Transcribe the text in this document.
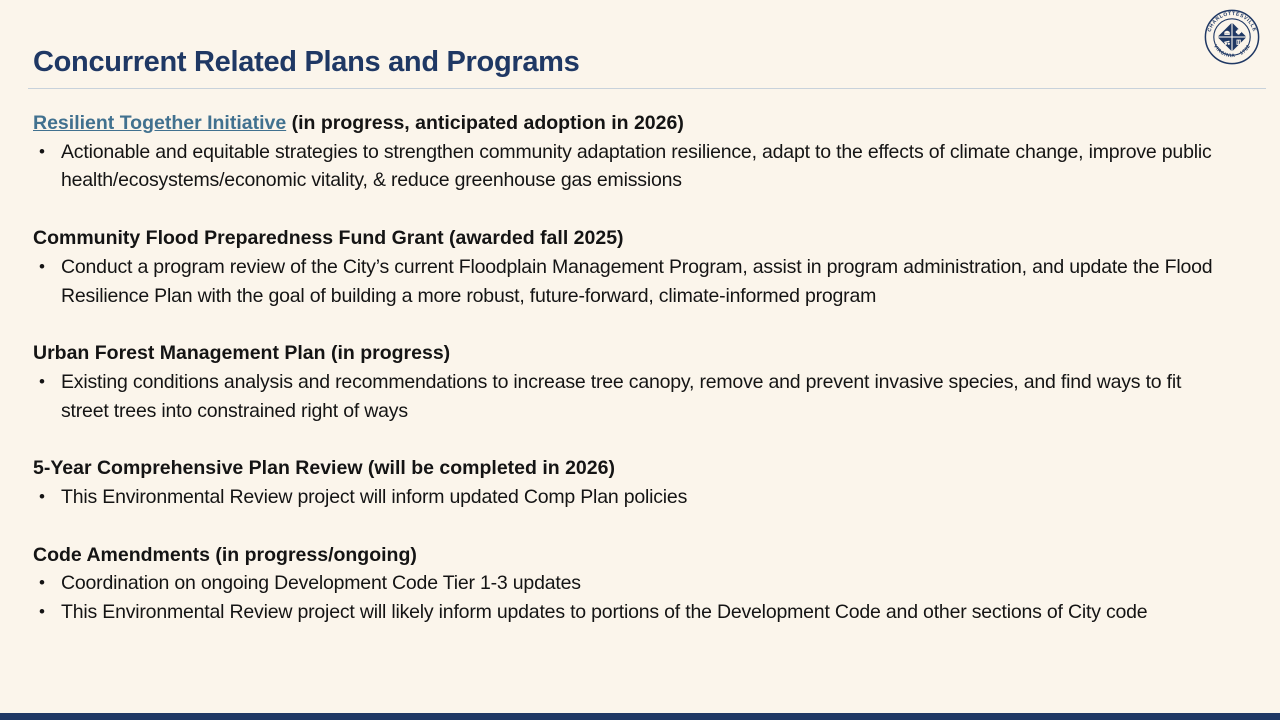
Concurrent Related Plans and Programs
CHARLOTTESVILLE
VIRGINIA · 1762
Resilient Together Initiative (in progress, anticipated adoption in 2026)
• Actionable and equitable strategies to strengthen community adaptation resilience, adapt to the effects of climate change, improve public health/ecosystems/economic vitality, & reduce greenhouse gas emissions
Community Flood Preparedness Fund Grant (awarded fall 2025)
• Conduct a program review of the City’s current Floodplain Management Program, assist in program administration, and update the Flood Resilience Plan with the goal of building a more robust, future-forward, climate-informed program
Urban Forest Management Plan (in progress)
• Existing conditions analysis and recommendations to increase tree canopy, remove and prevent invasive species, and find ways to fit street trees into constrained right of ways
5-Year Comprehensive Plan Review (will be completed in 2026)
• This Environmental Review project will inform updated Comp Plan policies
Code Amendments (in progress/ongoing)
• Coordination on ongoing Development Code Tier 1-3 updates
• This Environmental Review project will likely inform updates to portions of the Development Code and other sections of City code
